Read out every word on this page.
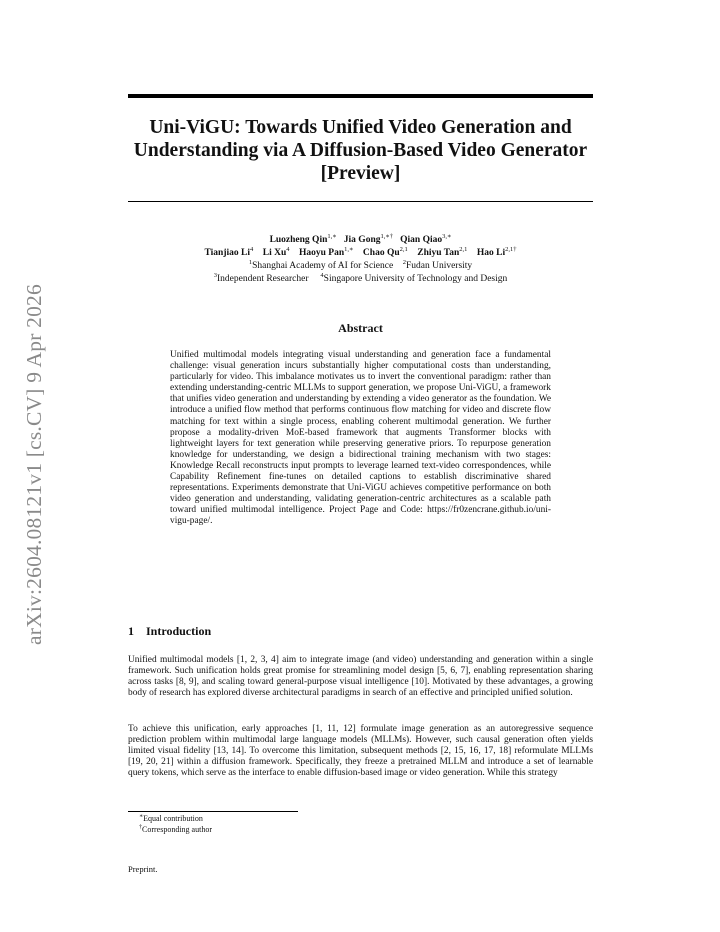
arXiv:2604.08121v1 [cs.CV] 9 Apr 2026
Uni-ViGU: Towards Unified Video Generation and Understanding via A Diffusion-Based Video Generator [Preview]
Luozheng Qin$^{1,∗}$ Jia Gong$^{1,∗\dagger}$ Qian Qiao$^{3,∗}$
Tianjiao Li$^4$ Li Xu$^4$ Haoyu Pan$^{1,∗}$ Chao Qu$^{2,1}$ Zhiyu Tan$^{2,1}$ Hao $Li^{2,1\dagger}$
$^1$Shanghai Academy of AI for Science $^2$Fudan University
$^3$Independent Researcher $^4$Singapore University of Technology and Design
Abstract
Unified multimodal models integrating visual understanding and generation face a fundamental challenge: visual generation incurs substantially higher computational costs than understanding, particularly for video. This imbalance motivates us to invert the conventional paradigm: rather than extending understanding-centric MLLMs to support generation, we propose Uni-ViGU, a framework that unifies video generation and understanding by extending a video generator as the foundation. We introduce a unified flow method that performs continuous flow matching for video and discrete flow matching for text within a single process, enabling coherent multimodal generation. We further propose a modality-driven MoE-based framework that augments Transformer blocks with lightweight layers for text generation while preserving generative priors. To repurpose generation knowledge for understanding, we design a bidirectional training mechanism with two stages: Knowledge Recall reconstructs input prompts to leverage learned text-video correspondences, while Capability Refinement fine-tunes on detailed captions to establish discriminative shared representations. Experiments demonstrate that Uni-ViGU achieves competitive performance on both video generation and understanding, validating generation-centric architectures as a scalable path toward unified multimodal intelligence. Project Page and Code: https://fr0zencrane.github.io/uni-vigu-page/.
1 Introduction
Unified multimodal models [1, 2, 3, 4] aim to integrate image (and video) understanding and generation within a single framework. Such unification holds great promise for streamlining model design [5, 6, 7], enabling representation sharing across tasks [8, 9], and scaling toward general-purpose visual intelligence [10]. Motivated by these advantages, a growing body of research has explored diverse architectural paradigms in search of an effective and principled unified solution.
To achieve this unification, early approaches [1, 11, 12] formulate image generation as an autoregressive sequence prediction problem within multimodal large language models (MLLMs). However, such causal generation often yields limited visual fidelity [13, 14]. To overcome this limitation, subsequent methods [2, 15, 16, 17, 18] reformulate MLLMs [19, 20, 21] within a diffusion framework. Specifically, they freeze a pretrained MLLM and introduce a set of learnable query tokens, which serve as the interface to enable diffusion-based image or video generation. While this strategy
∗Equal contribution
†Corresponding author
Preprint.
